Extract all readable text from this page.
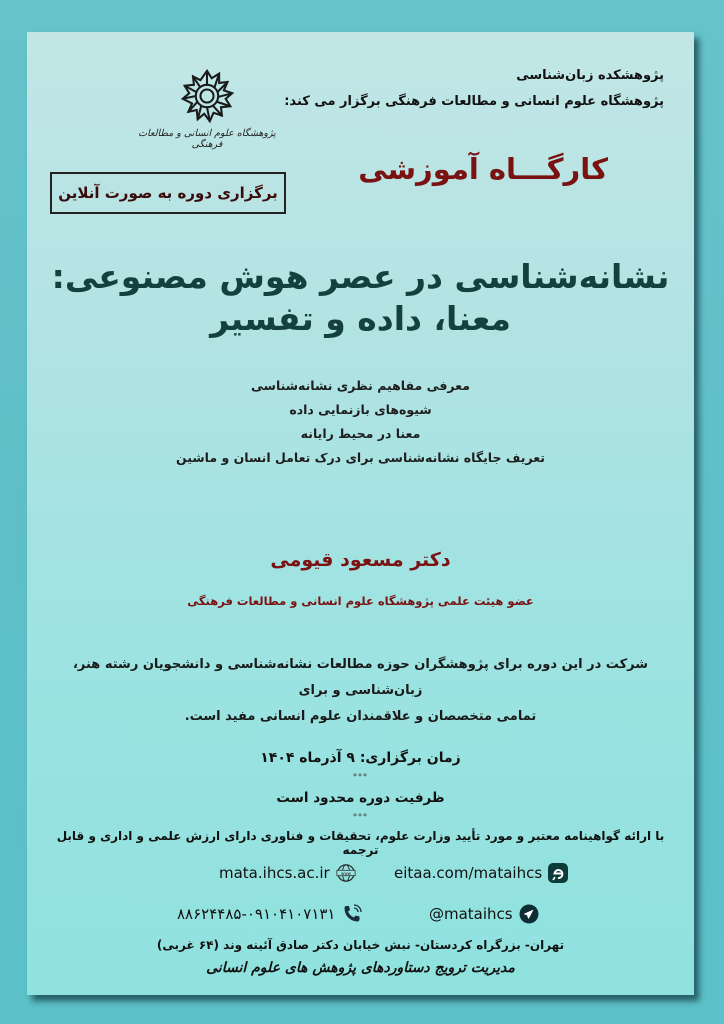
پژوهشکده زبان‌شناسی
پژوهشگاه علوم انسانی و مطالعات فرهنگی برگزار می کند:
کارگـــاه آموزشی
پژوهشگاه علوم انسانی و مطالعات فرهنگی
برگزاری دوره به صورت آنلاین
نشانه‌شناسی در عصر هوش مصنوعی:
معنا، داده و تفسیر
معرفی مفاهیم نظری نشانه‌شناسی
شیوه‌های بازنمایی داده
معنا در محیط رایانه
تعریف جایگاه نشانه‌شناسی برای درک تعامل انسان و ماشین
دکتر مسعود قیومی
عضو هیئت علمی پژوهشگاه علوم انسانی و مطالعات فرهنگی
شرکت در این دوره برای پژوهشگران حوزه مطالعات نشانه‌شناسی و دانشجویان رشته هنر، زبان‌شناسی و برای
تمامی متخصصان و علاقمندان علوم انسانی مفید است.
زمان برگزاری: ۹ آذرماه ۱۴۰۴
***
ظرفیت دوره محدود است
***
با ارائه گواهینامه معتبر و مورد تأیید وزارت علوم، تحقیقات و فناوری دارای ارزش علمی و اداری و قابل ترجمه
mata.ihcs.ac.ir www	eitaa.com/mataihcs
۸۸۶۲۴۴۸۵-۰۹۱۰۴۱۰۷۱۳۱	@mataihcs
تهران- بزرگراه کردستان- نبش خیابان دکتر صادق آئینه وند (۶۴ غربی)
مدیریت ترویج دستاوردهای پژوهش های علوم انسانی
